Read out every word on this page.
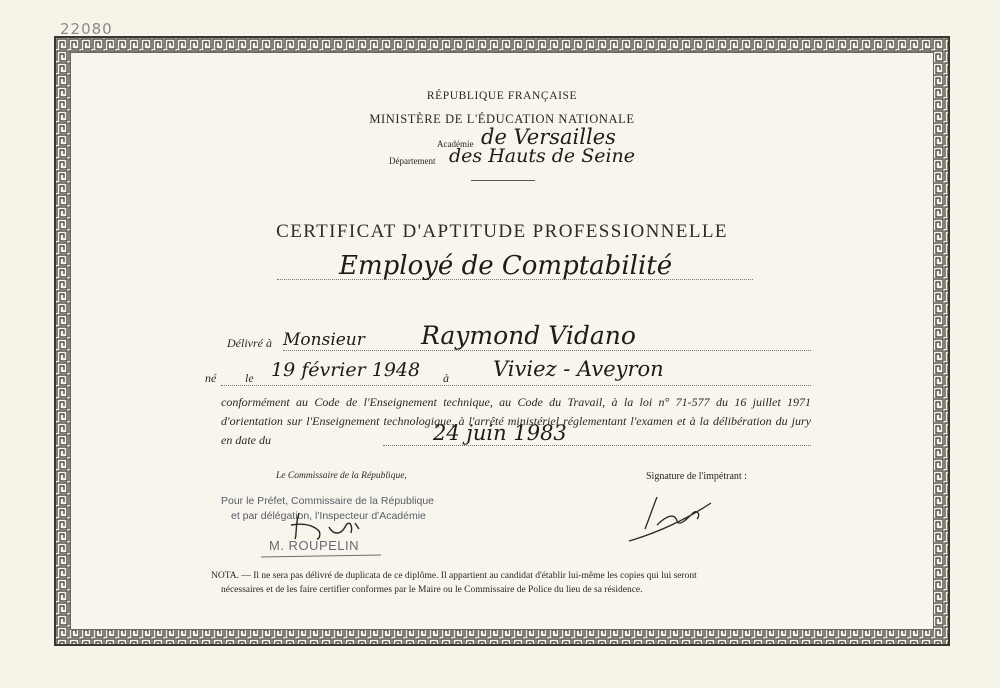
22080
RÉPUBLIQUE FRANÇAISE
MINISTÈRE DE L'ÉDUCATION NATIONALE
Académie de Versailles
Département des Hauts de Seine
CERTIFICAT D'APTITUDE PROFESSIONNELLE
Employé de Comptabilité
Délivré à Monsieur Raymond Vidano
né le 19 février 1948 à Viviez - Aveyron
conformément au Code de l'Enseignement technique, au Code du Travail, à la loi n° 71-577 du 16 juillet 1971 d'orientation sur l'Enseignement technologique, à l'arrêté ministériel réglementant l'examen et à la délibération du jury en date du	24 juin 1983
Le Commissaire de la République,	Signature de l'impétrant :
Pour le Préfet, Commissaire de la République
et par délégation, l'Inspecteur d'Académie
M. ROUPELIN
NOTA. — Il ne sera pas délivré de duplicata de ce diplôme. Il appartient au candidat d'établir lui-même les copies qui lui seront
nécessaires et de les faire certifier conformes par le Maire ou le Commissaire de Police du lieu de sa résidence.
